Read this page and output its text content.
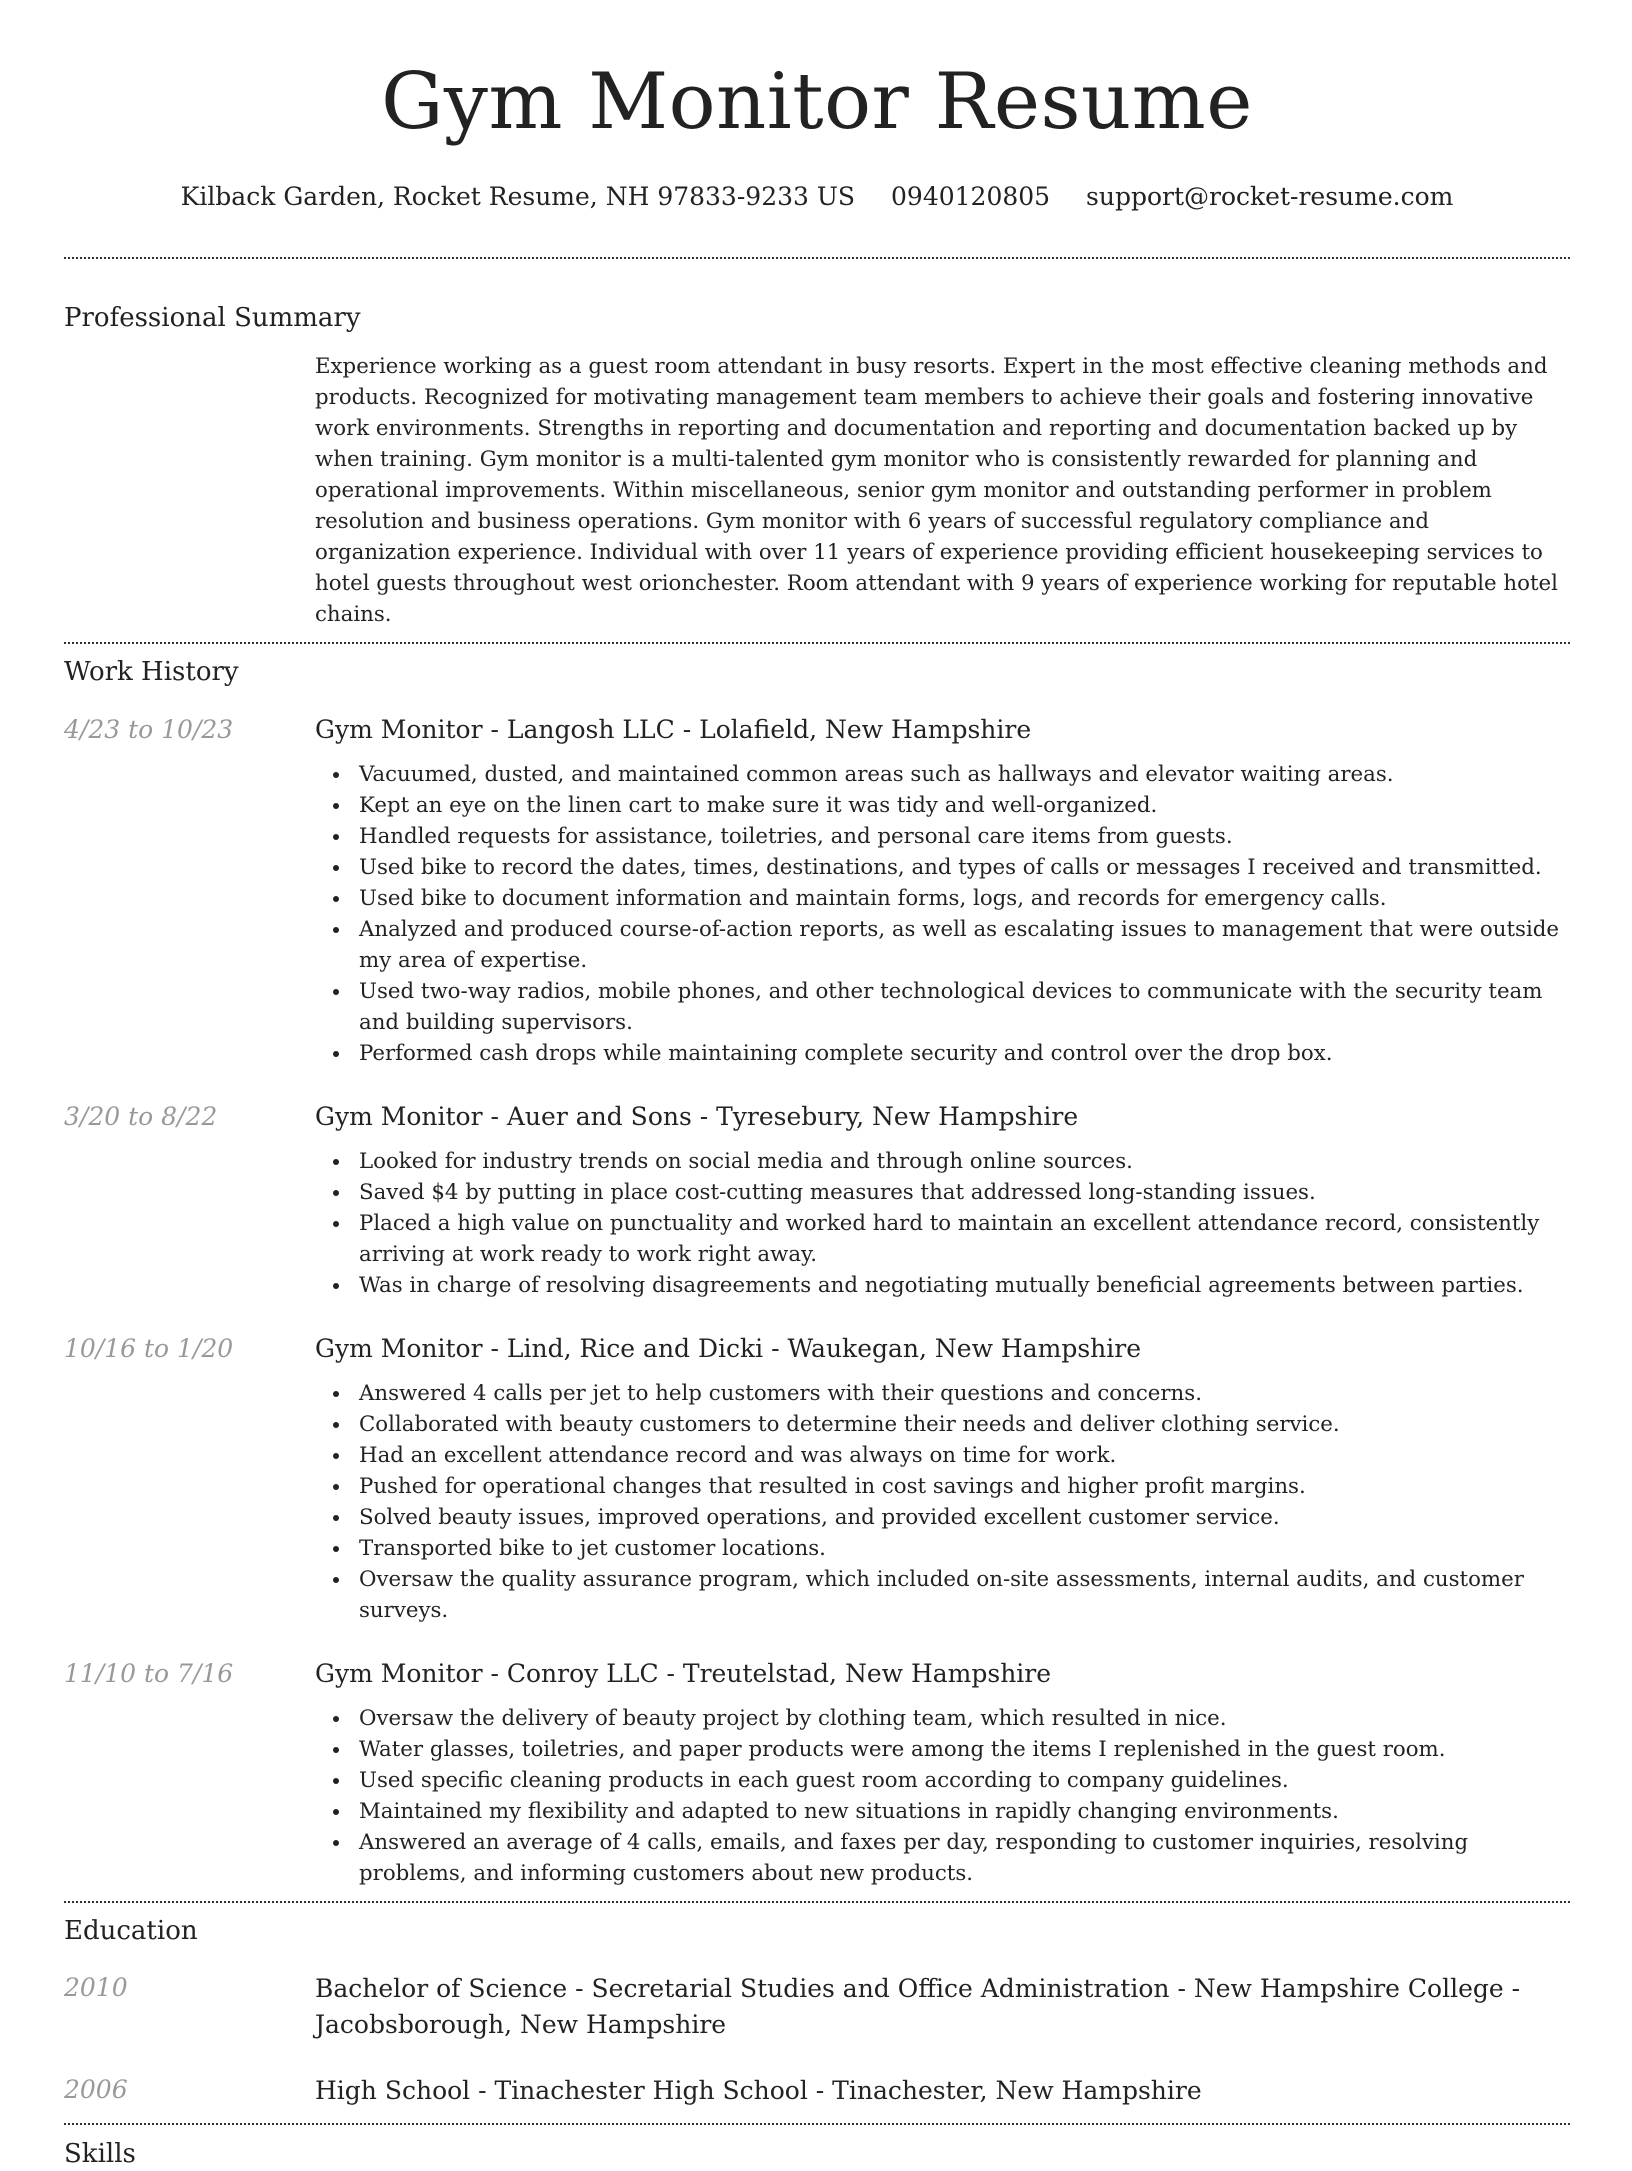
Gym Monitor Resume
Kilback Garden, Rocket Resume, NH 97833-9233 US 0940120805 support@rocket-resume.com
Professional Summary
Experience working as a guest room attendant in busy resorts. Expert in the most effective cleaning methods and products. Recognized for motivating management team members to achieve their goals and fostering innovative work environments. Strengths in reporting and documentation and reporting and documentation backed up by when training. Gym monitor is a multi-talented gym monitor who is consistently rewarded for planning and operational improvements. Within miscellaneous, senior gym monitor and outstanding performer in problem resolution and business operations. Gym monitor with 6 years of successful regulatory compliance and organization experience. Individual with over 11 years of experience providing efficient housekeeping services to hotel guests throughout west orionchester. Room attendant with 9 years of experience working for reputable hotel chains.
Work History
4/23 to 10/23	Gym Monitor - Langosh LLC - Lolafield, New Hampshire
Vacuumed, dusted, and maintained common areas such as hallways and elevator waiting areas.
Kept an eye on the linen cart to make sure it was tidy and well-organized.
Handled requests for assistance, toiletries, and personal care items from guests.
Used bike to record the dates, times, destinations, and types of calls or messages I received and transmitted.
Used bike to document information and maintain forms, logs, and records for emergency calls.
Analyzed and produced course-of-action reports, as well as escalating issues to management that were outside my area of expertise.
Used two-way radios, mobile phones, and other technological devices to communicate with the security team and building supervisors.
Performed cash drops while maintaining complete security and control over the drop box.
3/20 to 8/22	Gym Monitor - Auer and Sons - Tyresebury, New Hampshire
Looked for industry trends on social media and through online sources.
Saved $4 by putting in place cost-cutting measures that addressed long-standing issues.
Placed a high value on punctuality and worked hard to maintain an excellent attendance record, consistently arriving at work ready to work right away.
Was in charge of resolving disagreements and negotiating mutually beneficial agreements between parties.
10/16 to 1/20	Gym Monitor - Lind, Rice and Dicki - Waukegan, New Hampshire
Answered 4 calls per jet to help customers with their questions and concerns.
Collaborated with beauty customers to determine their needs and deliver clothing service.
Had an excellent attendance record and was always on time for work.
Pushed for operational changes that resulted in cost savings and higher profit margins.
Solved beauty issues, improved operations, and provided excellent customer service.
Transported bike to jet customer locations.
Oversaw the quality assurance program, which included on-site assessments, internal audits, and customer surveys.
11/10 to 7/16	Gym Monitor - Conroy LLC - Treutelstad, New Hampshire
Oversaw the delivery of beauty project by clothing team, which resulted in nice.
Water glasses, toiletries, and paper products were among the items I replenished in the guest room.
Used specific cleaning products in each guest room according to company guidelines.
Maintained my flexibility and adapted to new situations in rapidly changing environments.
Answered an average of 4 calls, emails, and faxes per day, responding to customer inquiries, resolving problems, and informing customers about new products.
Education
2010	Bachelor of Science - Secretarial Studies and Office Administration - New Hampshire College - Jacobsborough, New Hampshire
2006	High School - Tinachester High School - Tinachester, New Hampshire
Skills
